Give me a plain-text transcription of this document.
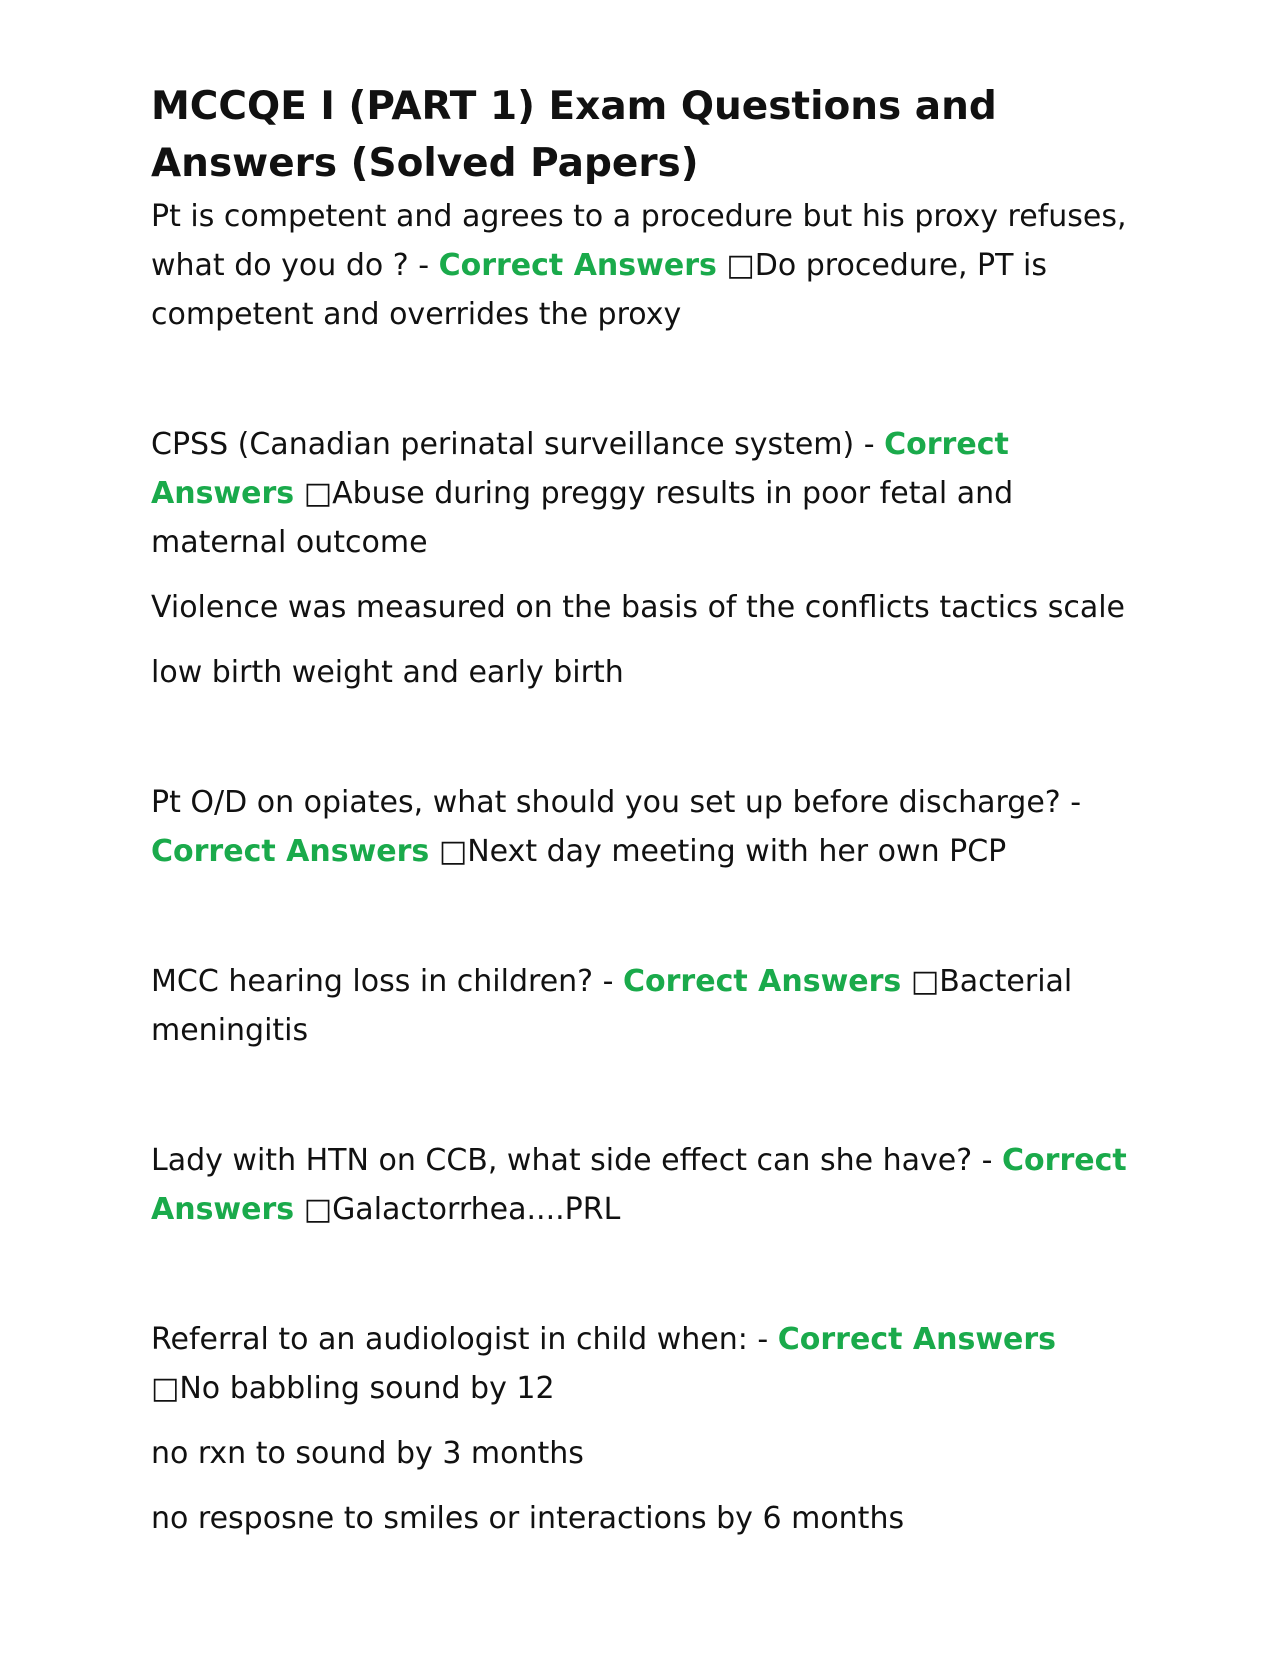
MCCQE I (PART 1) Exam Questions and Answers (Solved Papers)

Pt is competent and agrees to a procedure but his proxy refuses, what do you do ? - Correct Answers □Do procedure, PT is competent and overrides the proxy

CPSS (Canadian perinatal surveillance system) - Correct Answers □Abuse during preggy results in poor fetal and maternal outcome

Violence was measured on the basis of the conflicts tactics scale

low birth weight and early birth

Pt O/D on opiates, what should you set up before discharge? - Correct Answers □Next day meeting with her own PCP

MCC hearing loss in children? - Correct Answers □Bacterial meningitis

Lady with HTN on CCB, what side effect can she have? - Correct Answers □Galactorrhea....PRL

Referral to an audiologist in child when: - Correct Answers □No babbling sound by 12

no rxn to sound by 3 months

no resposne to smiles or interactions by 6 months
